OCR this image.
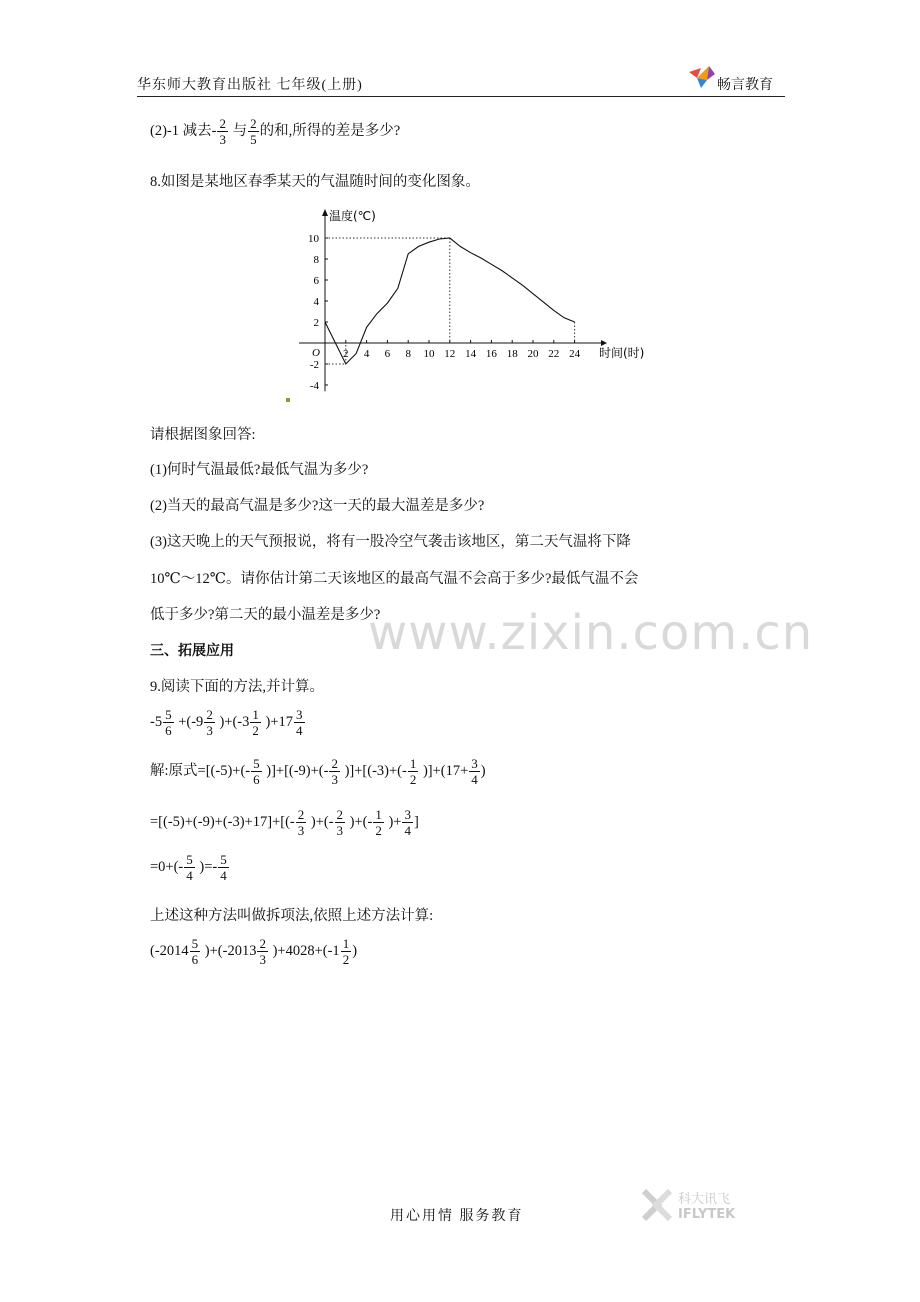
华东师大教育出版社 七年级(上册)	畅言教育
(2)-1 减去- $\frac{2}{3}$ 与 $\frac{2}{5}$ 的和,所得的差是多少?
8.如图是某地区春季某天的气温随时间的变化图象。
温度(℃)
时间(时)
O 2 4 6 8 10 12 14 16 18 20 22 24
10
8
6
4
2
-2
-4
请根据图象回答:
(1)何时气温最低?最低气温为多少?
(2)当天的最高气温是多少?这一天的最大温差是多少?
(3)这天晚上的天气预报说，将有一股冷空气袭击该地区，第二天气温将下降
10℃～12℃。请你估计第二天该地区的最高气温不会高于多少?最低气温不会
低于多少?第二天的最小温差是多少?
www.zixin.com.cn
三、拓展应用
9.阅读下面的方法,并计算。
$-5 \frac{5}{6} +(-9 \frac{2}{3} )+(-3 \frac{1}{2} )+17 \frac{3}{4}$
解:原式$=[(-5)+(- \frac{5}{6} )]+[(-9)+(- \frac{2}{3} )]+[(-3)+(- \frac{1}{2} )]+(17+ \frac{3}{4}$ )
$=[(-5)+(-9)+(-3)+17]+[(- \frac{2}{3}$ )+(- $\frac{2}{3}$ )+(- $\frac{1}{2}$ )+ $\frac{3}{4}$ ]
$=0+(- \frac{5}{4}$ )=- $\frac{5}{4}$
上述这种方法叫做拆项法,依照上述方法计算:
$(-2014 \frac{5}{6} )+(-2013 \frac{2}{3} )+4028+(-1 \frac{1}{2}$ )
用心用情 服务教育
科大讯飞
IFLYTEK
